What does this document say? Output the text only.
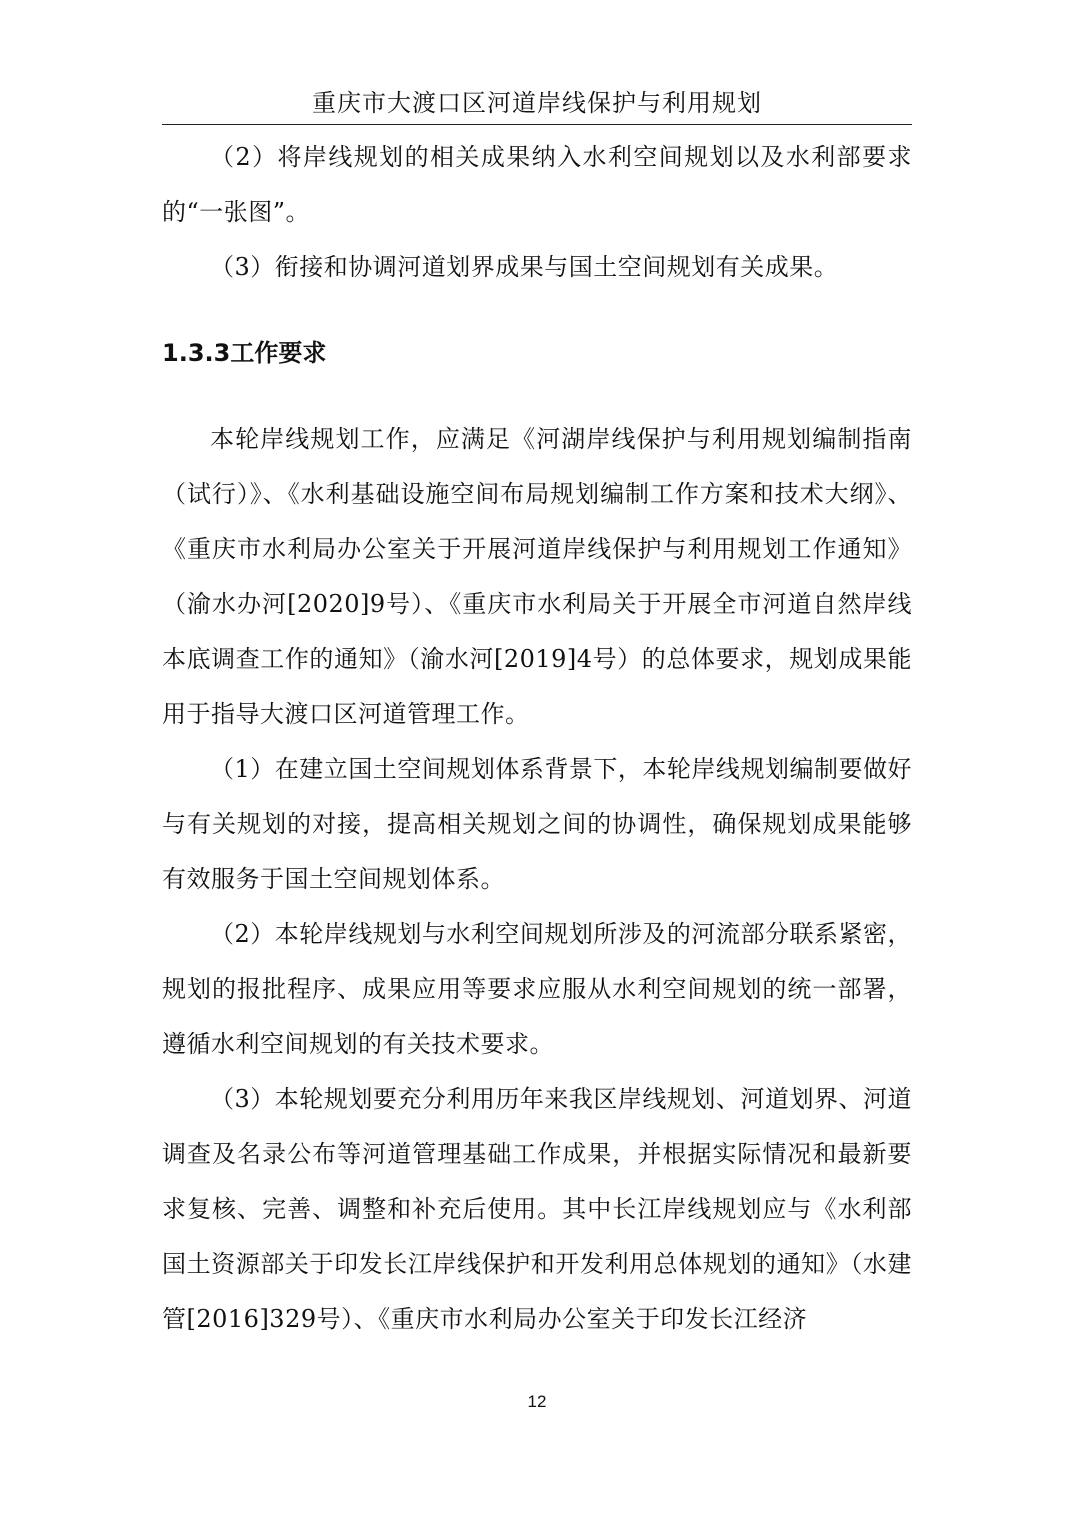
重庆市大渡口区河道岸线保护与利用规划

（2）将岸线规划的相关成果纳入水利空间规划以及水利部要求的“一张图”。

（3）衔接和协调河道划界成果与国土空间规划有关成果。

1.3.3工作要求

本轮岸线规划工作，应满足《河湖岸线保护与利用规划编制指南（试行）》、《水利基础设施空间布局规划编制工作方案和技术大纲》、《重庆市水利局办公室关于开展河道岸线保护与利用规划工作通知》（渝水办河[2020]9号）、《重庆市水利局关于开展全市河道自然岸线本底调查工作的通知》（渝水河[2019]4号）的总体要求，规划成果能用于指导大渡口区河道管理工作。

（1）在建立国土空间规划体系背景下，本轮岸线规划编制要做好与有关规划的对接，提高相关规划之间的协调性，确保规划成果能够有效服务于国土空间规划体系。

（2）本轮岸线规划与水利空间规划所涉及的河流部分联系紧密，规划的报批程序、成果应用等要求应服从水利空间规划的统一部署，遵循水利空间规划的有关技术要求。

（3）本轮规划要充分利用历年来我区岸线规划、河道划界、河道调查及名录公布等河道管理基础工作成果，并根据实际情况和最新要求复核、完善、调整和补充后使用。其中长江岸线规划应与《水利部 国土资源部关于印发长江岸线保护和开发利用总体规划的通知》（水建管[2016]329号）、《重庆市水利局办公室关于印发长江经济

12
